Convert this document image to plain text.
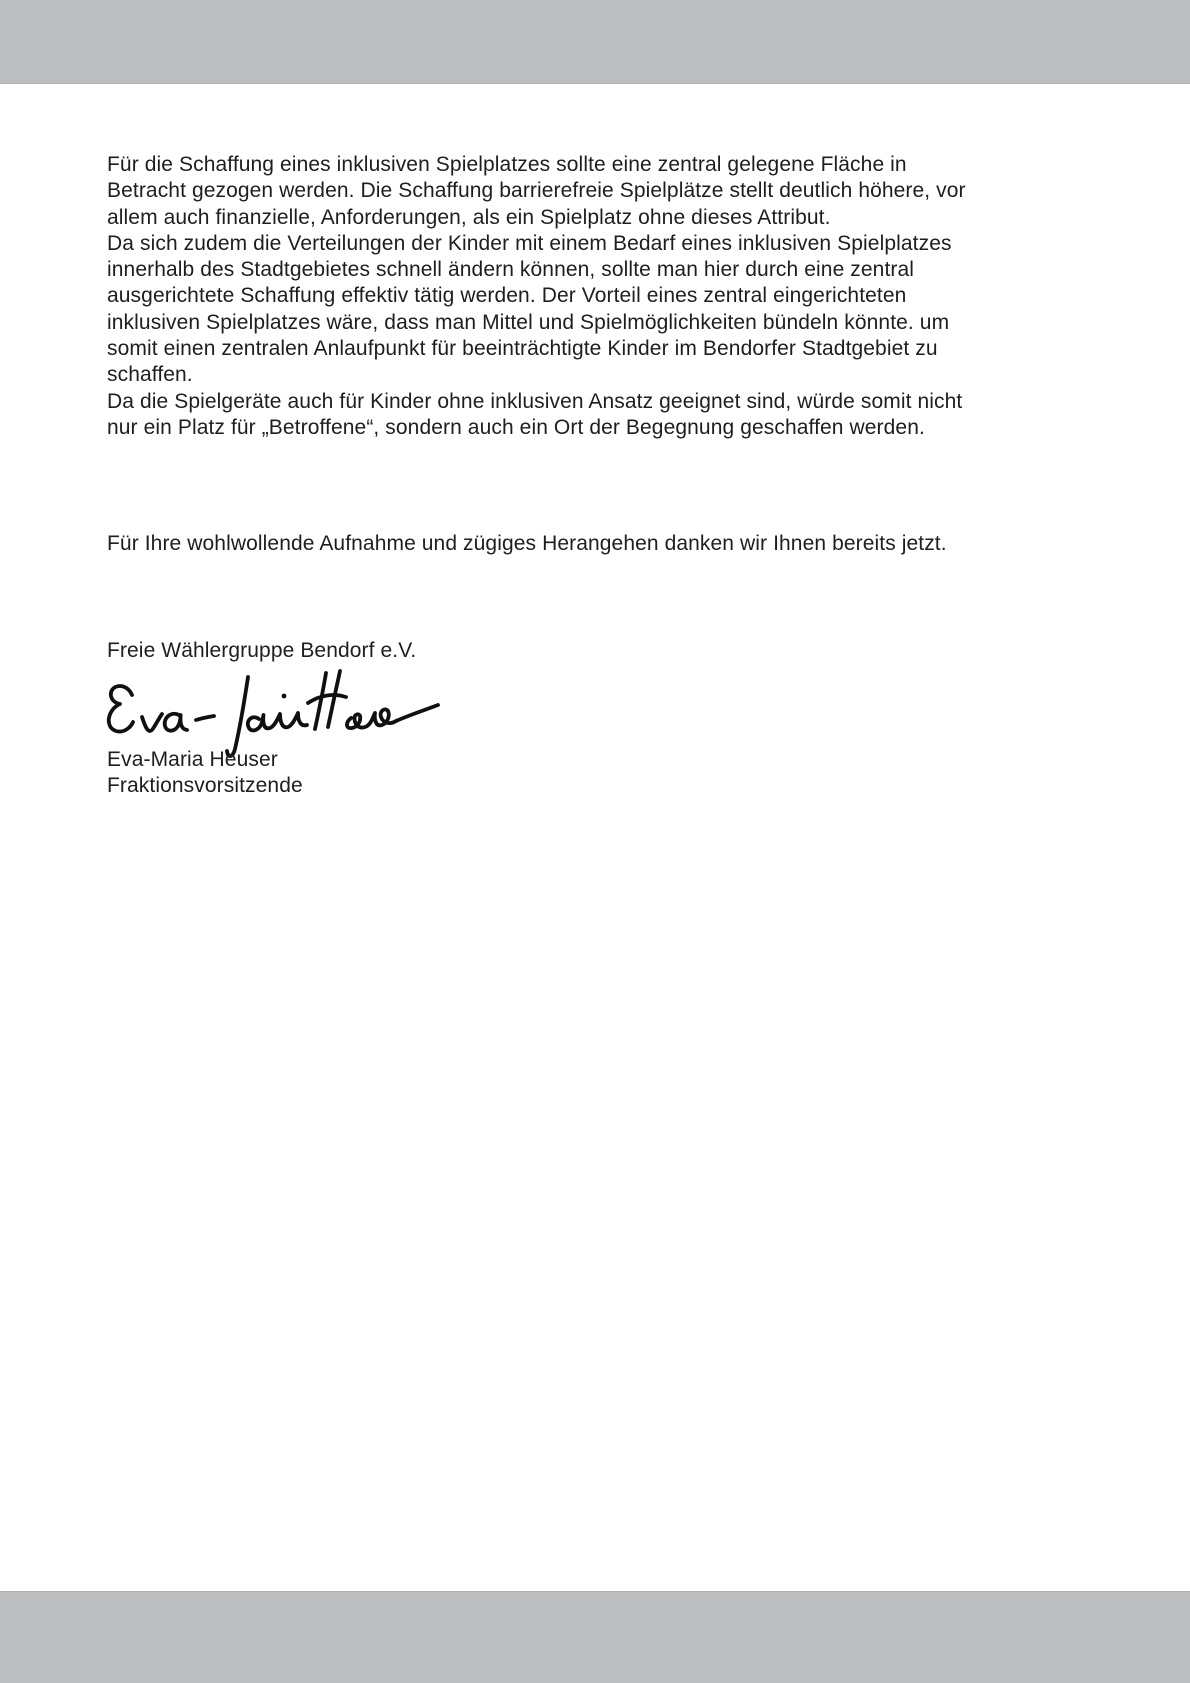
Für die Schaffung eines inklusiven Spielplatzes sollte eine zentral gelegene Fläche in
Betracht gezogen werden. Die Schaffung barrierefreie Spielplätze stellt deutlich höhere, vor
allem auch finanzielle, Anforderungen, als ein Spielplatz ohne dieses Attribut.
Da sich zudem die Verteilungen der Kinder mit einem Bedarf eines inklusiven Spielplatzes
innerhalb des Stadtgebietes schnell ändern können, sollte man hier durch eine zentral
ausgerichtete Schaffung effektiv tätig werden. Der Vorteil eines zentral eingerichteten
inklusiven Spielplatzes wäre, dass man Mittel und Spielmöglichkeiten bündeln könnte. um
somit einen zentralen Anlaufpunkt für beeinträchtigte Kinder im Bendorfer Stadtgebiet zu
schaffen.
Da die Spielgeräte auch für Kinder ohne inklusiven Ansatz geeignet sind, würde somit nicht
nur ein Platz für „Betroffene“, sondern auch ein Ort der Begegnung geschaffen werden.
Für Ihre wohlwollende Aufnahme und zügiges Herangehen danken wir Ihnen bereits jetzt.
Freie Wählergruppe Bendorf e.V.
Eva-Maria Heuser
Fraktionsvorsitzende
